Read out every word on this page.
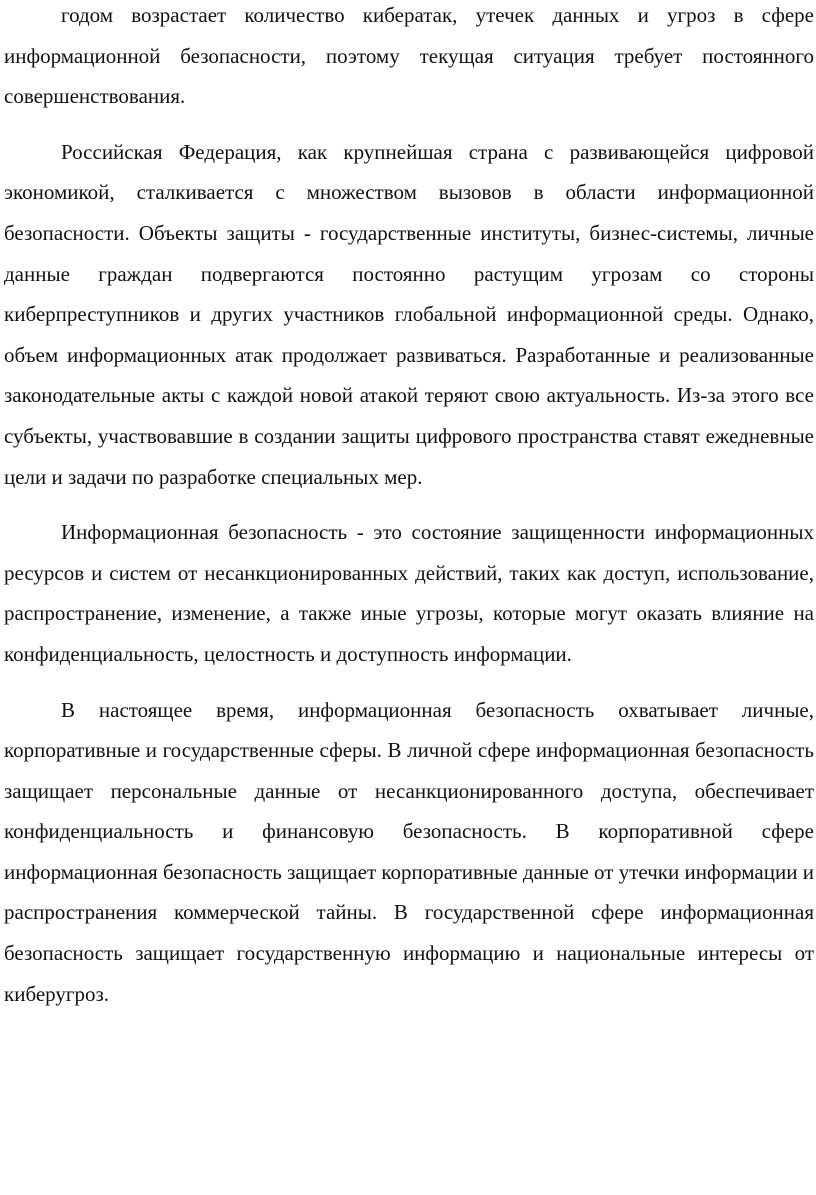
годом возрастает количество кибератак, утечек данных и угроз в сфере информационной безопасности, поэтому текущая ситуация требует постоянного совершенствования.

Российская Федерация, как крупнейшая страна с развивающейся цифровой экономикой, сталкивается с множеством вызовов в области информационной безопасности. Объекты защиты - государственные институты, бизнес-системы, личные данные граждан подвергаются постоянно растущим угрозам со стороны киберпреступников и других участников глобальной информационной среды. Однако, объем информационных атак продолжает развиваться. Разработанные и реализованные законодательные акты с каждой новой атакой теряют свою актуальность. Из-за этого все субъекты, участвовавшие в создании защиты цифрового пространства ставят ежедневные цели и задачи по разработке специальных мер.

Информационная безопасность - это состояние защищенности информационных ресурсов и систем от несанкционированных действий, таких как доступ, использование, распространение, изменение, а также иные угрозы, которые могут оказать влияние на конфиденциальность, целостность и доступность информации.

В настоящее время, информационная безопасность охватывает личные, корпоративные и государственные сферы. В личной сфере информационная безопасность защищает персональные данные от несанкционированного доступа, обеспечивает конфиденциальность и финансовую безопасность. В корпоративной сфере информационная безопасность защищает корпоративные данные от утечки информации и распространения коммерческой тайны. В государственной сфере информационная безопасность защищает государственную информацию и национальные интересы от киберугроз.
